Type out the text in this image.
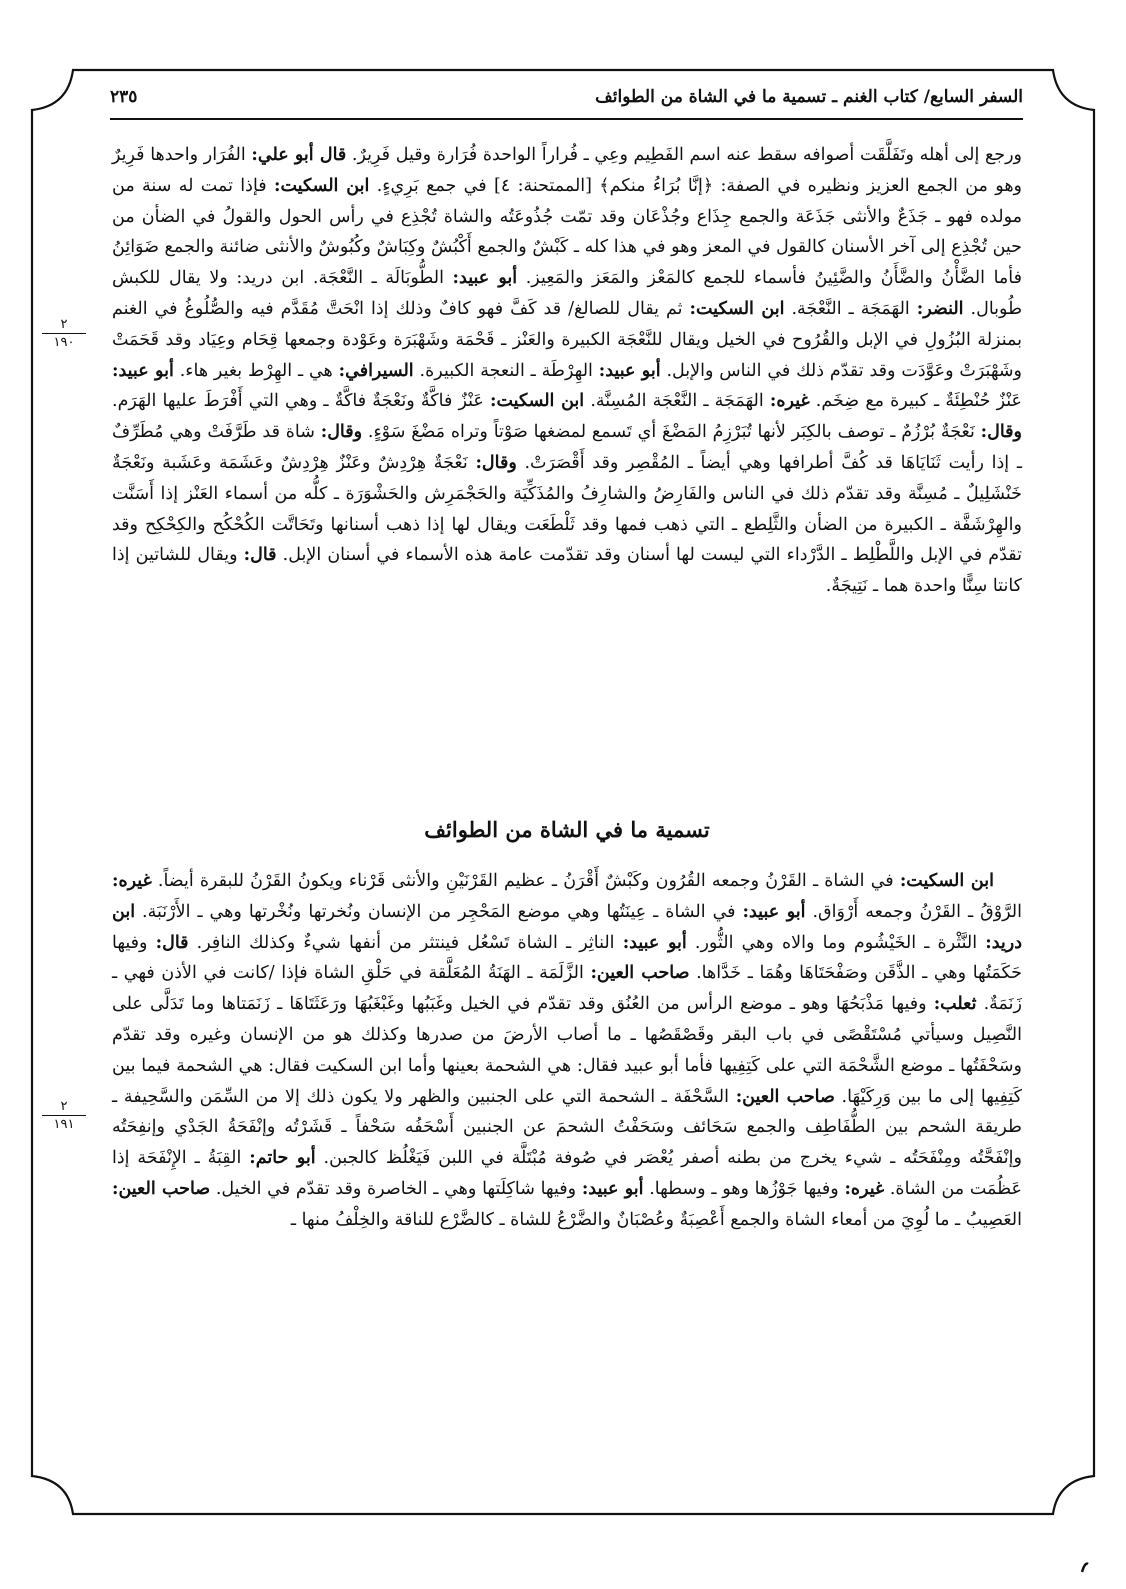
السفر السابع/ كتاب الغنم ـ تسمية ما في الشاة من الطوائف
٢٣٥
٢
١٩٠
٢
١٩١

ورجع إلى أهله وتَفَلَّقَت أصوافه سقط عنه اسم الفَطِيم وعِي ـ فُراراً الواحدة فُرَارة وقيل فَرِيرٌ. قال أبو علي: الفُرَار واحدها فَرِيرٌ وهو من الجمع العزيز ونظيره في الصفة: ﴿إنَّا بُرَاءُ منكم﴾ [الممتحنة: ٤] في جمع بَرِيءٍ. ابن السكيت: فإذا تمت له سنة من مولده فهو ـ جَذَعٌ والأنثى جَذَعَة والجمع جِذَاع وجُذْعَان وقد تمّت جُذُوعَتُه والشاة تُجْذِع في رأس الحول والقولُ في الضأن من حين تُجْذِع إلى آخر الأسنان كالقول في المعز وهو في هذا كله ـ كَبْشٌ والجمع أَكْبُشٌ وكِبَاشٌ وكُبُوشٌ والأنثى ضائنة والجمع ضَوَائِنُ فأما الضَّأْنُ والضَّأَنُ والضَّئِينُ فأسماء للجمع كالمَعْز والمَعَز والمَعِيز. أبو عبيد: الطُّوبَالَة ـ النَّعْجَة. ابن دريد: ولا يقال للكبش طُوبال. النضر: الهَمَجَة ـ النَّعْجَة. ابن السكيت: ثم يقال للصالغ/ قد كَفَّ فهو كافٌ وذلك إذا انْحَتَّ مُقَدَّم فيه والصُّلُوغُ في الغنم بمنزلة البُزُولِ في الإبل والقُرُوح في الخيل ويقال للنَّعْجَة الكبيرة والعَنْز ـ قَحْمَة وشَهْبَرَة وعَوْدة وجمعها قِحَام وعِيَاد وقد قَحَمَتْ وشَهْبَرَتْ وعَوَّدَت وقد تقدّم ذلك في الناس والإبل. أبو عبيد: الهِرْطَة ـ النعجة الكبيرة. السيرافي: هي ـ الهِرْط بغير هاء. أبو عبيد: عَنْزٌ حُنْطِئَةٌ ـ كبيرة مع ضِخَم. غيره: الهَمَجَة ـ النَّعْجَة المُسِنَّة. ابن السكيت: عَنْزٌ فاكَّةٌ ونَعْجَةٌ فاكَّةٌ ـ وهي التي أَفْرَطَ عليها الهَرَم. وقال: نَعْجَةٌ بُرْزُمٌ ـ توصف بالكِبَر لأنها تُبَرْزِمُ المَضْغَ أي تَسمع لمضغها صَوْتاً وتراه مَضْغَ سَوْءٍ. وقال: شاة قد طَرَّفَتْ وهي مُطَرِّفٌ ـ إذا رأيت ثَنَايَاهَا قد كُفَّ أطرافها وهي أيضاً ـ المُقْصِر وقد أَقْصَرَتْ. وقال: نَعْجَةٌ هِرْدِشٌ وعَنْزٌ هِرْدِشٌ وعَشَمَة وعَشَبة ونَعْجَةٌ خَنْشَلِيلٌ ـ مُسِنَّة وقد تقدّم ذلك في الناس والفَارِضُ والشارِفُ والمُذَكِّيَة والحَجْمَرِش والحَشْوَرَة ـ كلُّه من أسماء العَنْز إذا أَسَنَّت والهِرْشَفَّة ـ الكبيرة من الضأن والثَّلِطع ـ التي ذهب فمها وقد ثَلْطَعَت ويقال لها إذا ذهب أسنانها وتَحَاتَّت الكُحْكُح والكِحْكِح وقد تقدّم في الإبل واللَّطْلِط ـ الدَّرْداء التي ليست لها أسنان وقد تقدّمت عامة هذه الأسماء في أسنان الإبل. قال: ويقال للشاتين إذا كانتا سِنًّا واحدة هما ـ نَتِيجَةٌ.

تسمية ما في الشاة من الطوائف

ابن السكيت: في الشاة ـ القَرْنُ وجمعه القُرُون وكَبْشٌ أَقْرَنُ ـ عظيم القَرْنَيْنِ والأنثى قَرْناء ويكونُ القَرْنُ للبقرة أيضاً. غيره: الرَّوْقُ ـ القَرْنُ وجمعه أَرْوَاق. أبو عبيد: في الشاة ـ عِينَتُها وهي موضع المَحْجِر من الإنسان ونُخرتها ونُخْرتها وهي ـ الأَرْنَبَة. ابن دريد: النَّثْرة ـ الخَيْشُوم وما والاه وهي الثُّور. أبو عبيد: الناثِر ـ الشاة تَسْعُل فينتثر من أنفها شيءٌ وكذلك النافِر. قال: وفيها حَكَمَتُها وهي ـ الذَّقَن وصَفْحَتَاهَا وهُمَا ـ خَدَّاها. صاحب العين: الزَّلَمَة ـ الهَنَةُ المُعَلَّقة في حَلْقِ الشاة فإذا /كانت في الأذن فهي ـ زَنَمَةٌ. ثعلب: وفيها مَذْبَحُهَا وهو ـ موضع الرأس من العُنُق وقد تقدّم في الخيل وغَبَبُها وغَبْغَبُهَا ورَعَثَتَاهَا ـ زَنَمَتاها وما تَدَلَّى على النَّصِيل وسيأتي مُسْتَقْصًى في باب البقر وقَصْقَصُها ـ ما أصاب الأرضَ من صدرها وكذلك هو من الإنسان وغيره وقد تقدّم وسَحْفَتُها ـ موضع الشَّحْمَة التي على كَتِفِيها فأما أبو عبيد فقال: هي الشحمة بعينها وأما ابن السكيت فقال: هي الشحمة فيما بين كَتِفِيها إلى ما بين وَرِكَيْهَا. صاحب العين: السَّحْفَة ـ الشحمة التي على الجنبين والظهر ولا يكون ذلك إلا من السِّمَن والسَّحِيفة ـ طريقة الشحم بين الطُّفَاطِف والجمع سَحَائف وسَحَفْتُ الشحمَ عن الجنبين أَسْحَفُه سَحْفاً ـ قَشَرْتُه وإنْفَحَةُ الجَدْي وإنفِحَتُه وإنْفَحَّتُه ومِنْفَحَتُه ـ شيء يخرج من بطنه أصفر يُعْصَر في صُوفة مُبْتَلَّة في اللبن فَيَغْلُظ كالجبن. أبو حاتم: القِبَةُ ـ الإِنْفَحَة إذا عَظُمَت من الشاة. غيره: وفيها جَوْزُها وهو ـ وسطها. أبو عبيد: وفيها شاكِلَتها وهي ـ الخاصرة وقد تقدّم في الخيل. صاحب العين: العَصِيبُ ـ ما لُوِيَ من أمعاء الشاة والجمع أَعْصِبَةٌ وعُصْبَانٌ والضَّرْعُ للشاة ـ كالضَّرْع للناقة والخِلْفُ منها ـ
